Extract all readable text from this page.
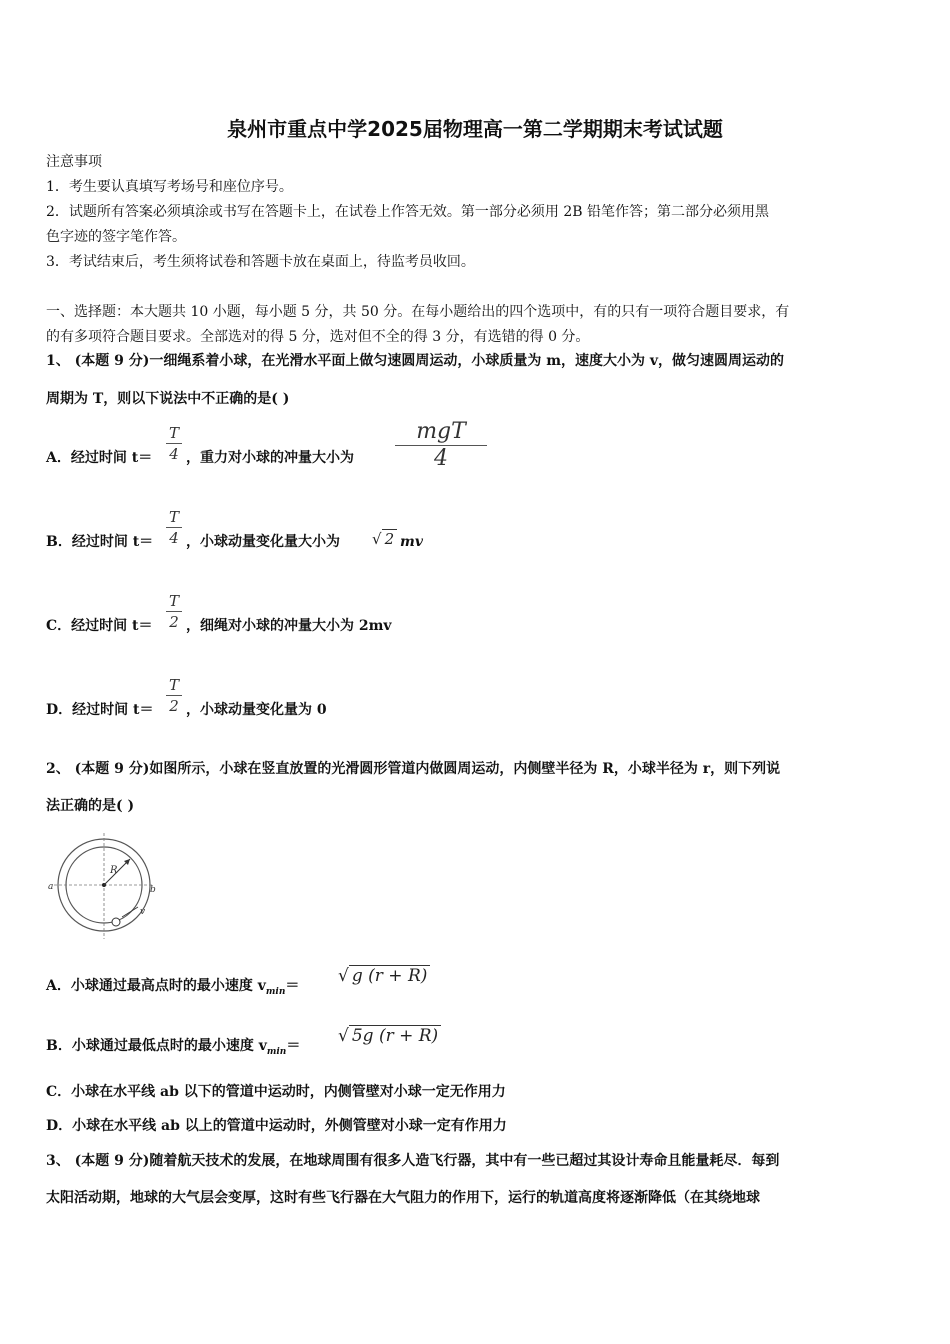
泉州市重点中学2025届物理高一第二学期期末考试试题
注意事项
1．考生要认真填写考场号和座位序号。
2．试题所有答案必须填涂或书写在答题卡上，在试卷上作答无效。第一部分必须用 2B 铅笔作答；第二部分必须用黑
色字迹的签字笔作答。
3．考试结束后，考生须将试卷和答题卡放在桌面上，待监考员收回。
一、选择题：本大题共 10 小题，每小题 5 分，共 50 分。在每小题给出的四个选项中，有的只有一项符合题目要求，有
的有多项符合题目要求。全部选对的得 5 分，选对但不全的得 3 分，有选错的得 0 分。
1、 (本题 9 分)一细绳系着小球，在光滑水平面上做匀速圆周运动，小球质量为 m，速度大小为 v，做匀速圆周运动的
周期为 T，则以下说法中不正确的是( )
A．经过时间 t＝
T
4 ，重力对小球的冲量大小为
mgT
4
B．经过时间 t＝
T
4 ，小球动量变化量大小为 √ 2 mv
C．经过时间 t＝
T
2 ，细绳对小球的冲量大小为 2mv
D．经过时间 t＝
T
2 ，小球动量变化量为 0
2、 (本题 9 分)如图所示，小球在竖直放置的光滑圆形管道内做圆周运动，内侧壁半径为 R，小球半径为 r，则下列说
法正确的是( )
R
a	b
v
A．小球通过最高点时的最小速度 $v_{min}=$ √ g (r + R)
B．小球通过最低点时的最小速度 $v_{min}=$ √ 5g (r + R)
C．小球在水平线 ab 以下的管道中运动时，内侧管壁对小球一定无作用力
D．小球在水平线 ab 以上的管道中运动时，外侧管壁对小球一定有作用力
3、 (本题 9 分)随着航天技术的发展，在地球周围有很多人造飞行器，其中有一些已超过其设计寿命且能量耗尽．每到
太阳活动期，地球的大气层会变厚，这时有些飞行器在大气阻力的作用下，运行的轨道高度将逐渐降低（在其绕地球
